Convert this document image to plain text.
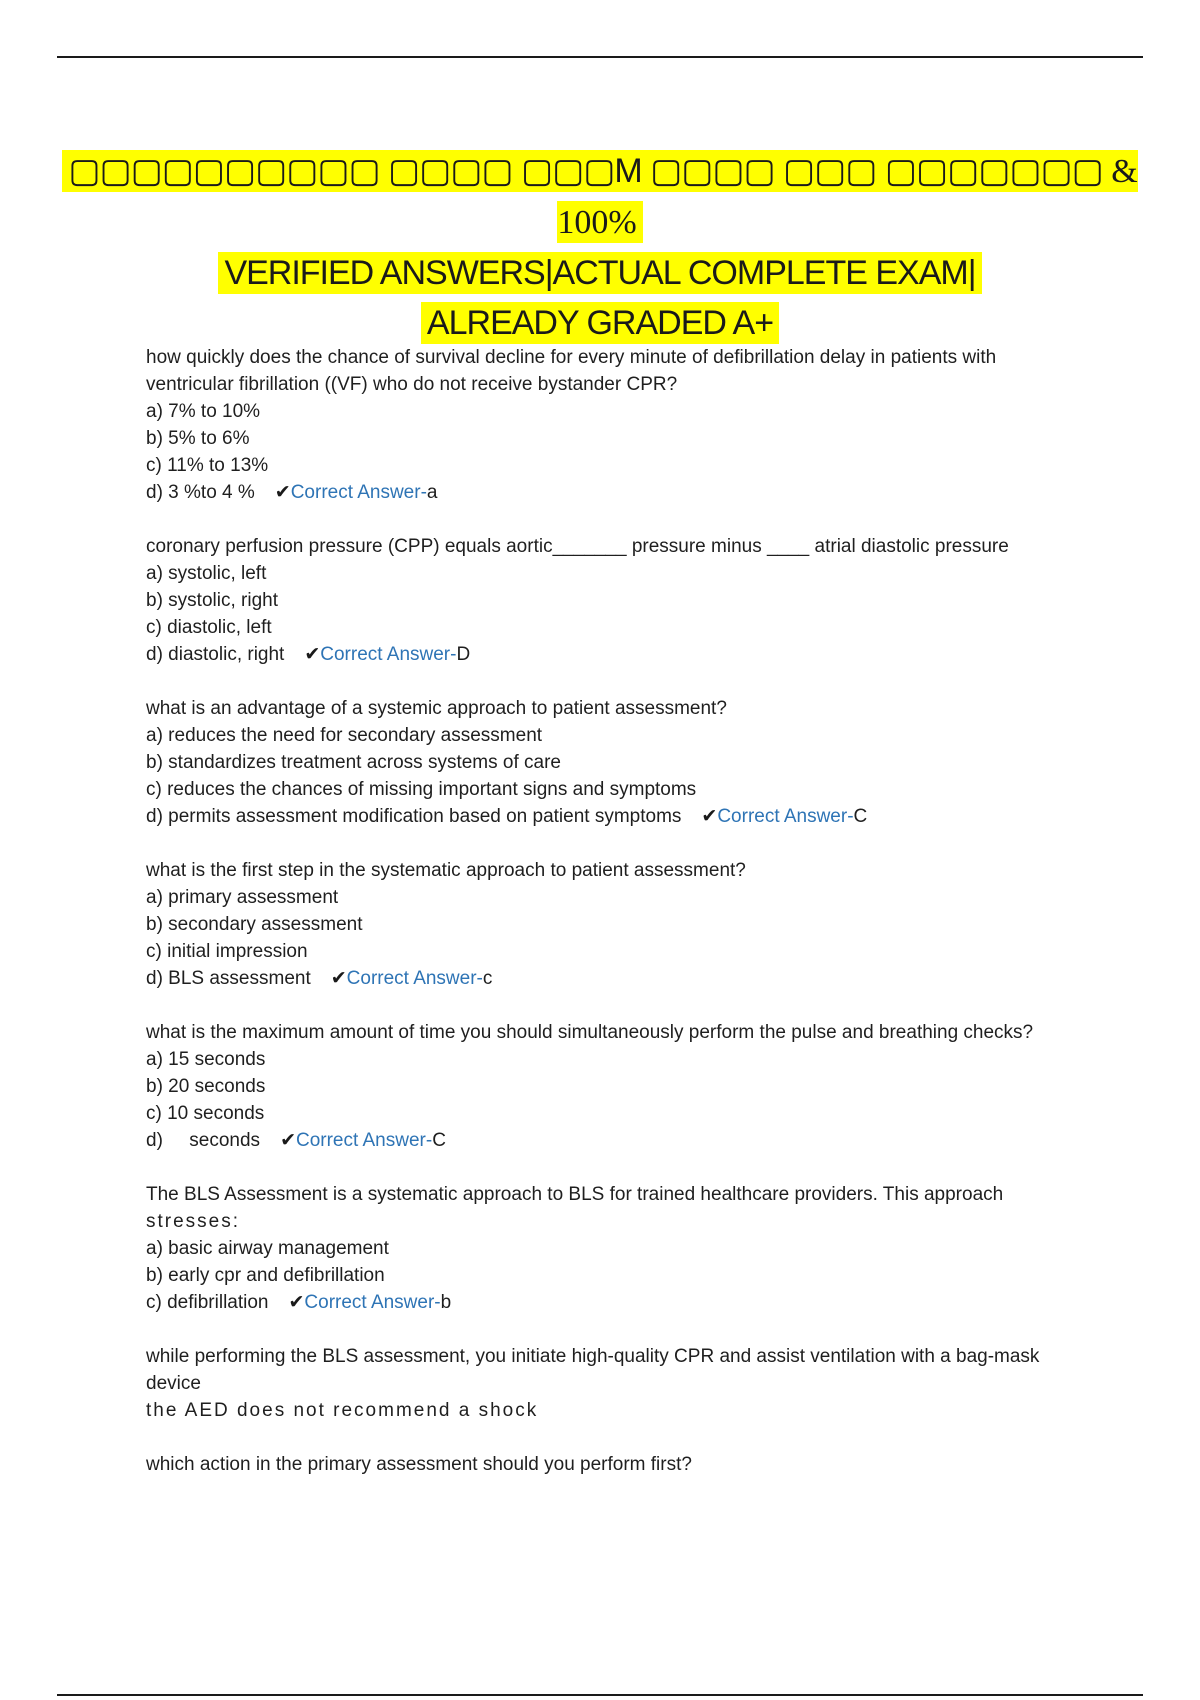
▢▢▢▢▢▢▢▢▢▢ ▢▢▢▢ ▢▢▢M ▢▢▢▢ ▢▢▢ ▢▢▢▢▢▢▢ & 100%
VERIFIED ANSWERS|ACTUAL COMPLETE EXAM|
ALREADY GRADED A+

how quickly does the chance of survival decline for every minute of defibrillation delay in patients with ventricular fibrillation ((VF) who do not receive bystander CPR?

a) 7% to 10%

b) 5% to 6%

c) 11% to 13%

d) 3 %to 4 % ✔Correct Answer-a

coronary perfusion pressure (CPP) equals aortic_______ pressure minus ____ atrial diastolic pressure

a) systolic, left

b) systolic, right

c) diastolic, left

d) diastolic, right ✔Correct Answer-D

what is an advantage of a systemic approach to patient assessment?

a) reduces the need for secondary assessment

b) standardizes treatment across systems of care

c) reduces the chances of missing important signs and symptoms

d) permits assessment modification based on patient symptoms ✔Correct Answer-C

what is the first step in the systematic approach to patient assessment?

a) primary assessment

b) secondary assessment

c) initial impression

d) BLS assessment ✔Correct Answer-c

what is the maximum amount of time you should simultaneously perform the pulse and breathing checks?

a) 15 seconds

b) 20 seconds

c) 10 seconds

d)     seconds ✔Correct Answer-C

The BLS Assessment is a systematic approach to BLS for trained healthcare providers. This approach

stresses:

a) basic airway management

b) early cpr and defibrillation

c) defibrillation ✔Correct Answer-b

while performing the BLS assessment, you initiate high-quality CPR and assist ventilation with a bag-mask device

the AED does not recommend a shock

which action in the primary assessment should you perform first?
